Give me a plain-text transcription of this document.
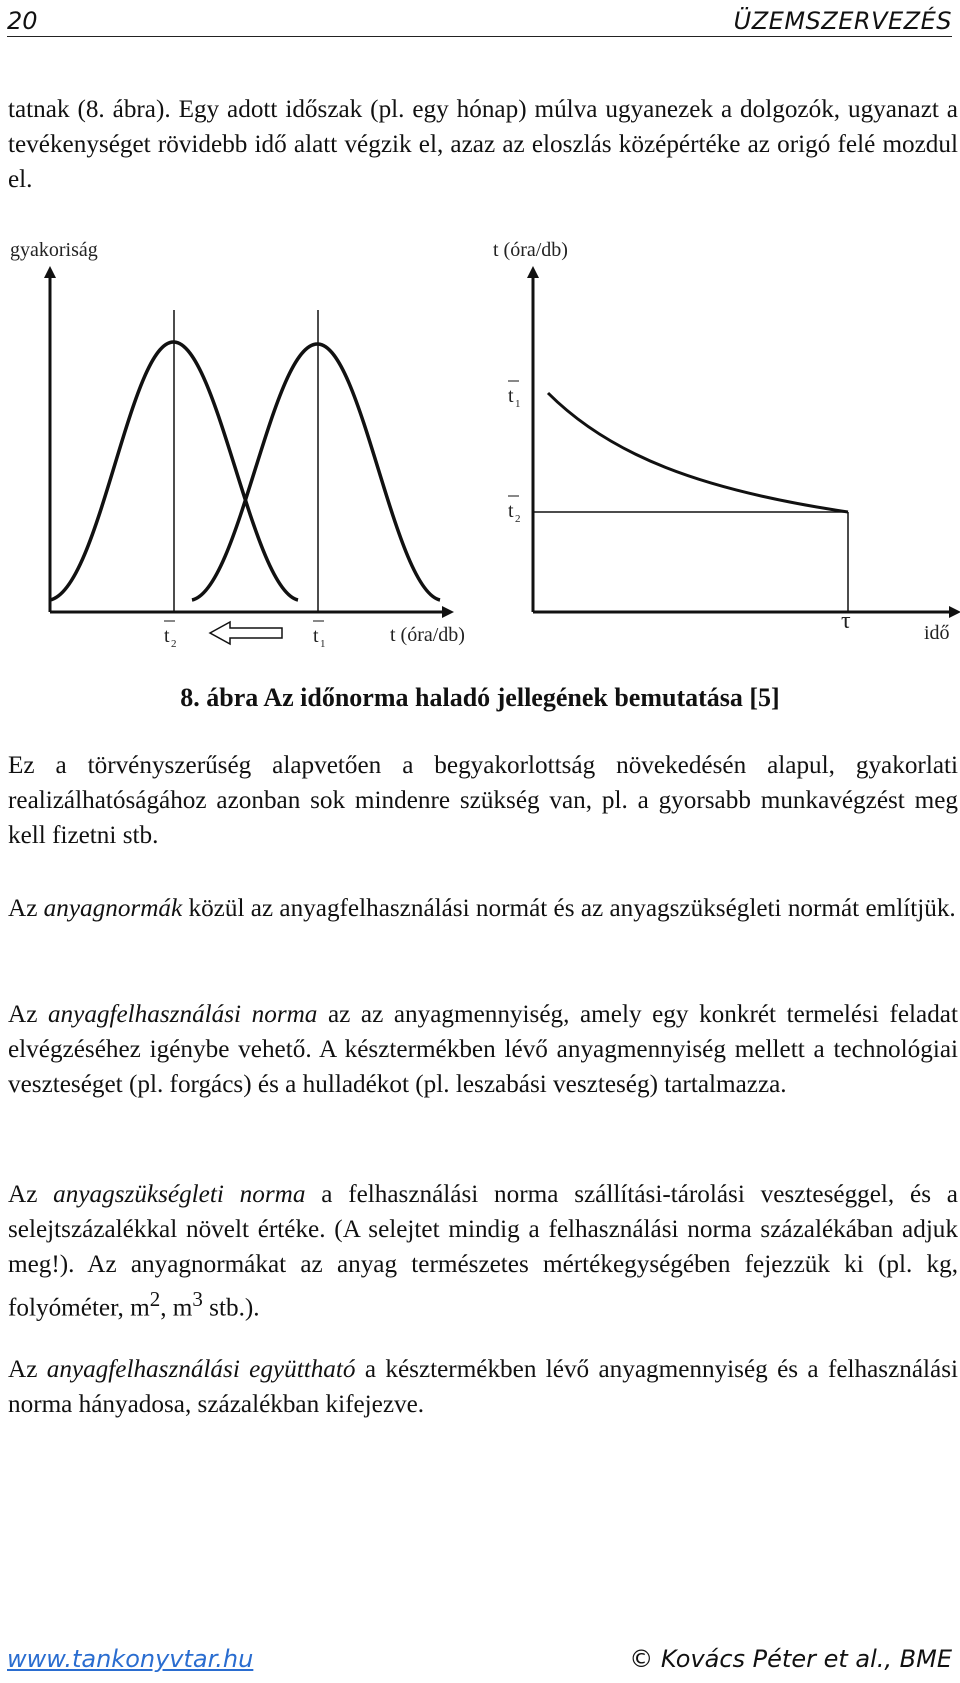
20	ÜZEMSZERVEZÉS

tatnak (8. ábra). Egy adott időszak (pl. egy hónap) múlva ugyanezek a dolgozók, ugyanazt a tevékenységet rövidebb idő alatt végzik el, azaz az eloszlás középértéke az origó felé mozdul el.

gyakoriság
t 2	t 1	t (óra/db)
t (óra/db)
t 1
t 2
τ	idő
8. ábra Az időnorma haladó jellegének bemutatása [5]

Ez a törvényszerűség alapvetően a begyakorlottság növekedésén alapul, gyakorlati realizálhatóságához azonban sok mindenre szükség van, pl. a gyorsabb munkavégzést meg kell fizetni stb.

Az anyagnormák közül az anyagfelhasználási normát és az anyagszükségleti normát említjük.

Az anyagfelhasználási norma az az anyagmennyiség, amely egy konkrét termelési feladat elvégzéséhez igénybe vehető. A késztermékben lévő anyagmennyiség mellett a technológiai veszteséget (pl. forgács) és a hulladékot (pl. leszabási veszteség) tartalmazza.

Az anyagszükségleti norma a felhasználási norma szállítási-tárolási veszteséggel, és a selejtszázalékkal növelt értéke. (A selejtet mindig a felhasználási norma százalékában adjuk meg!). Az anyagnormákat az anyag természetes mértékegységében fejezzük ki (pl. kg, folyóméter, $m^2$, $m^3$ stb.).

Az anyagfelhasználási együttható a késztermékben lévő anyagmennyiség és a felhasználási norma hányadosa, százalékban kifejezve.

www.tankonyvtar.hu	© Kovács Péter et al., BME
